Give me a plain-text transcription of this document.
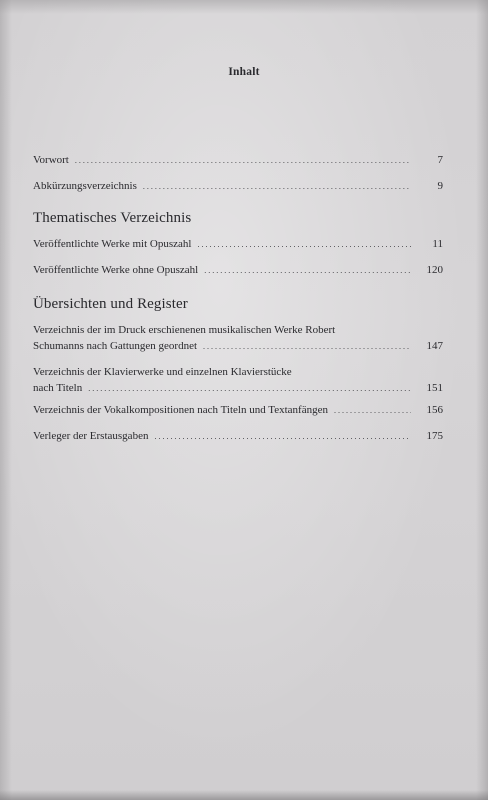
Inhalt
Vorwort . . .	7
Abkürzungsverzeichnis . . .	9
Thematisches Verzeichnis
Veröffentlichte Werke mit Opuszahl . . .	11
Veröffentlichte Werke ohne Opuszahl . . .	120
Übersichten und Register
Verzeichnis der im Druck erschienenen musikalischen Werke Robert
Schumanns nach Gattungen geordnet . . .	147
Verzeichnis der Klavierwerke und einzelnen Klavierstücke
nach Titeln . . .	151
Verzeichnis der Vokalkompositionen nach Titeln und Textanfängen . . .	156
Verleger der Erstausgaben . . .	175
